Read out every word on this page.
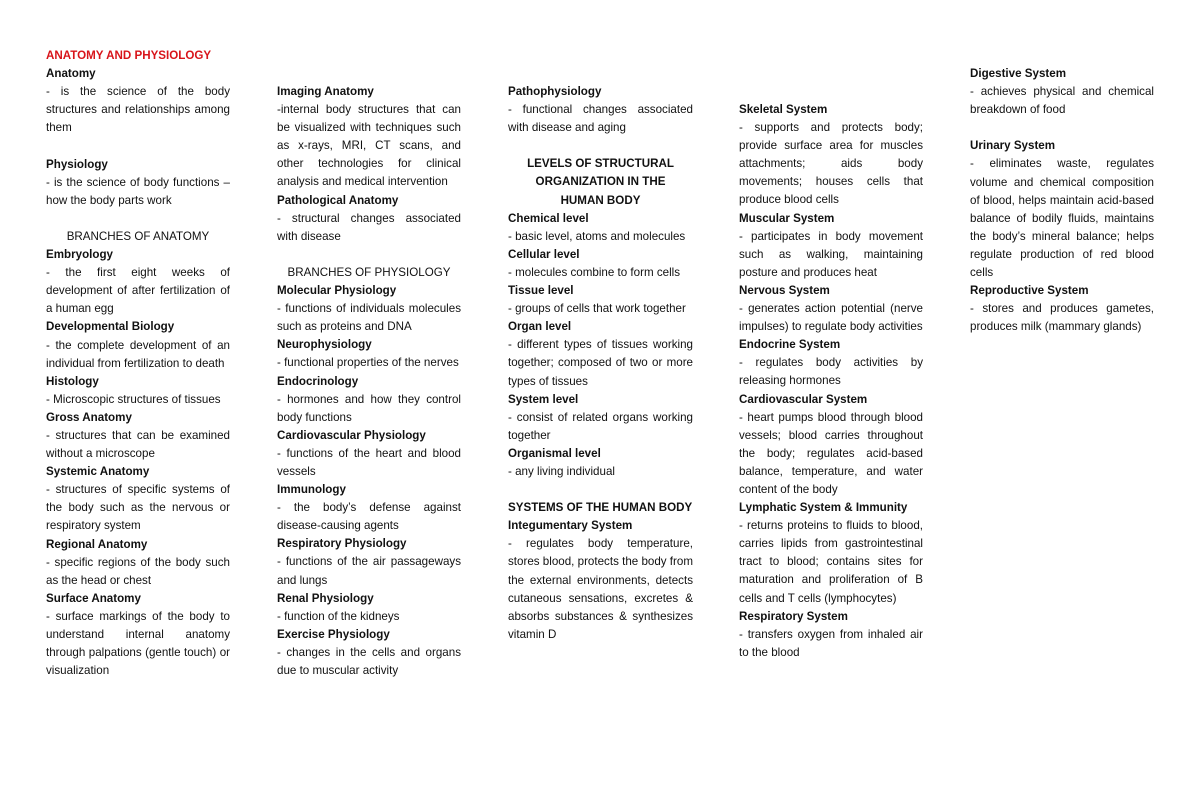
ANATOMY AND PHYSIOLOGY

Anatomy

- is the science of the body structures and relationships among them

Physiology

- is the science of body functions – how the body parts work

BRANCHES OF ANATOMY

Embryology

- the first eight weeks of development of after fertilization of a human egg

Developmental Biology

- the complete development of an individual from fertilization to death

Histology

- Microscopic structures of tissues

Gross Anatomy

- structures that can be examined without a microscope

Systemic Anatomy

- structures of specific systems of the body such as the nervous or respiratory system

Regional Anatomy

- specific regions of the body such as the head or chest

Surface Anatomy

- surface markings of the body to understand internal anatomy through palpations (gentle touch) or visualization

Imaging Anatomy

-internal body structures that can be visualized with techniques such as x-rays, MRI, CT scans, and other technologies for clinical analysis and medical intervention

Pathological Anatomy

- structural changes associated with disease

BRANCHES OF PHYSIOLOGY

Molecular Physiology

- functions of individuals molecules such as proteins and DNA

Neurophysiology

- functional properties of the nerves

Endocrinology

- hormones and how they control body functions

Cardiovascular Physiology

- functions of the heart and blood vessels

Immunology

- the body’s defense against disease-causing agents

Respiratory Physiology

- functions of the air passageways and lungs

Renal Physiology

- function of the kidneys

Exercise Physiology

- changes in the cells and organs due to muscular activity

Pathophysiology

- functional changes associated with disease and aging

LEVELS OF STRUCTURAL ORGANIZATION IN THE HUMAN BODY

Chemical level

- basic level, atoms and molecules

Cellular level

- molecules combine to form cells

Tissue level

- groups of cells that work together

Organ level

- different types of tissues working together; composed of two or more types of tissues

System level

- consist of related organs working together

Organismal level

- any living individual

SYSTEMS OF THE HUMAN BODY

Integumentary System

- regulates body temperature, stores blood, protects the body from the external environments, detects cutaneous sensations, excretes & absorbs substances & synthesizes vitamin D

Skeletal System

- supports and protects body; provide surface area for muscles attachments; aids body movements; houses cells that produce blood cells

Muscular System

- participates in body movement such as walking, maintaining posture and produces heat

Nervous System

- generates action potential (nerve impulses) to regulate body activities

Endocrine System

- regulates body activities by releasing hormones

Cardiovascular System

- heart pumps blood through blood vessels; blood carries throughout the body; regulates acid-based balance, temperature, and water content of the body

Lymphatic System & Immunity

- returns proteins to fluids to blood, carries lipids from gastrointestinal tract to blood; contains sites for maturation and proliferation of B cells and T cells (lymphocytes)

Respiratory System

- transfers oxygen from inhaled air to the blood

Digestive System

- achieves physical and chemical breakdown of food

Urinary System

- eliminates waste, regulates volume and chemical composition of blood, helps maintain acid-based balance of bodily fluids, maintains the body’s mineral balance; helps regulate production of red blood cells

Reproductive System

- stores and produces gametes, produces milk (mammary glands)
